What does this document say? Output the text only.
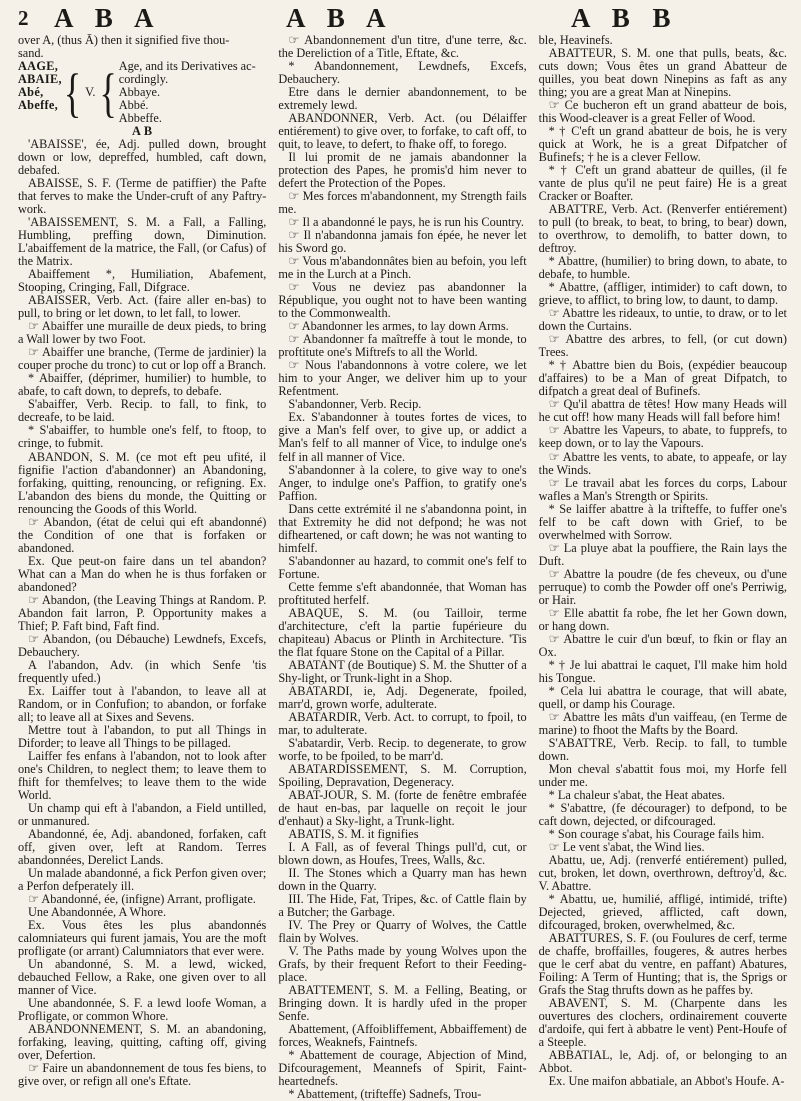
2 A B A	A B A	A B B

over A, (thus Ā) then it signified five thou-

sand.

AAGE,
ABAIE,
Abé,
Abeffe, { V. { Age, and its Derivatives ac-
cordingly.
Abbaye.
Abbé.
Abbeffe.

A B

'ABAISSE', ée, Adj. pulled down, brought down or low, depreffed, humbled, caft down, debafed.

ABAISSE, S. F. (Terme de patiffier) the Pafte that ferves to make the Under-cruft of any Paftry-work.

'ABAISSEMENT, S. M. a Fall, a Falling, Humbling, preffing down, Diminution. L'abaiffement de la matrice, the Fall, (or Cafus) of the Matrix.

Abaiffement *, Humiliation, Abafement, Stooping, Cringing, Fall, Difgrace.

ABAISSER, Verb. Act. (faire aller en-bas) to pull, to bring or let down, to let fall, to lower.

☞ Abaiffer une muraille de deux pieds, to bring a Wall lower by two Foot.

☞ Abaiffer une branche, (Terme de jardinier) la couper proche du tronc) to cut or lop off a Branch.

* Abaiffer, (déprimer, humilier) to humble, to abafe, to caft down, to deprefs, to debafe.

S'abaiffer, Verb. Recip. to fall, to fink, to decreafe, to be laid.

* S'abaiffer, to humble one's felf, to ftoop, to cringe, to fubmit.

ABANDON, S. M. (ce mot eft peu ufité, il fignifie l'action d'abandonner) an Abandoning, forfaking, quitting, renouncing, or refigning. Ex. L'abandon des biens du monde, the Quitting or renouncing the Goods of this World.

☞ Abandon, (état de celui qui eft abandonné) the Condition of one that is forfaken or abandoned.

Ex. Que peut-on faire dans un tel abandon? What can a Man do when he is thus forfaken or abandoned?

☞ Abandon, (the Leaving Things at Random. P. Abandon fait larron, P. Opportunity makes a Thief; P. Faft bind, Faft find.

☞ Abandon, (ou Débauche) Lewdnefs, Excefs, Debauchery.

A l'abandon, Adv. (in which Senfe 'tis frequently ufed.)

Ex. Laiffer tout à l'abandon, to leave all at Random, or in Confufion; to abandon, or forfake all; to leave all at Sixes and Sevens.

Mettre tout à l'abandon, to put all Things in Diforder; to leave all Things to be pillaged.

Laiffer fes enfans à l'abandon, not to look after one's Children, to neglect them; to leave them to fhift for themfelves; to leave them to the wide World.

Un champ qui eft à l'abandon, a Field untilled, or unmanured.

Abandonné, ée, Adj. abandoned, forfaken, caft off, given over, left at Random. Terres abandonnées, Derelict Lands.

Un malade abandonné, a fick Perfon given over; a Perfon defperately ill.

☞ Abandonné, ée, (infigne) Arrant, profligate.

Une Abandonnée, A Whore.

Ex. Vous êtes les plus abandonnés calomniateurs qui furent jamais, You are the moft profligate (or arrant) Calumniators that ever were.

Un abandonné, S. M. a lewd, wicked, debauched Fellow, a Rake, one given over to all manner of Vice.

Une abandonnée, S. F. a lewd loofe Woman, a Profligate, or common Whore.

ABANDONNEMENT, S. M. an abandoning, forfaking, leaving, quitting, cafting off, giving over, Defertion.

☞ Faire un abandonnement de tous fes biens, to give over, or refign all one's Eftate.

☞ Abandonnement d'un titre, d'une terre, &c. the Dereliction of a Title, Eftate, &c.

* Abandonnement, Lewdnefs, Excefs, Debauchery.

Etre dans le dernier abandonnement, to be extremely lewd.

ABANDONNER, Verb. Act. (ou Délaiffer entiérement) to give over, to forfake, to caft off, to quit, to leave, to defert, to fhake off, to forego.

Il lui promit de ne jamais abandonner la protection des Papes, he promis'd him never to defert the Protection of the Popes.

☞ Mes forces m'abandonnent, my Strength fails me.

☞ Il a abandonné le pays, he is run his Country.

☞ Il n'abandonna jamais fon épée, he never let his Sword go.

☞ Vous m'abandonnâtes bien au befoin, you left me in the Lurch at a Pinch.

☞ Vous ne deviez pas abandonner la République, you ought not to have been wanting to the Commonwealth.

☞ Abandonner les armes, to lay down Arms.

☞ Abandonner fa maîtreffe à tout le monde, to proftitute one's Miftrefs to all the World.

☞ Nous l'abandonnons à votre colere, we let him to your Anger, we deliver him up to your Refentment.

S'abandonner, Verb. Recip.

Ex. S'abandonner à toutes fortes de vices, to give a Man's felf over, to give up, or addict a Man's felf to all manner of Vice, to indulge one's felf in all manner of Vice.

S'abandonner à la colere, to give way to one's Anger, to indulge one's Paffion, to gratify one's Paffion.

Dans cette extrémité il ne s'abandonna point, in that Extremity he did not defpond; he was not difheartened, or caft down; he was not wanting to himfelf.

S'abandonner au hazard, to commit one's felf to Fortune.

Cette femme s'eft abandonnée, that Woman has proftituted herfelf.

ABAQUE, S. M. (ou Tailloir, terme d'architecture, c'eft la partie fupérieure du chapiteau) Abacus or Plinth in Architecture. 'Tis the flat fquare Stone on the Capital of a Pillar.

ABATANT (de Boutique) S. M. the Shutter of a Shy-light, or Trunk-light in a Shop.

ABATARDI, ie, Adj. Degenerate, fpoiled, marr'd, grown worfe, adulterate.

ABATARDIR, Verb. Act. to corrupt, to fpoil, to mar, to adulterate.

S'abatardir, Verb. Recip. to degenerate, to grow worfe, to be fpoiled, to be marr'd.

ABATARDISSEMENT, S. M. Corruption, Spoiling, Depravation, Degeneracy.

ABAT-JOUR, S. M. (forte de fenêtre embrafée de haut en-bas, par laquelle on reçoit le jour d'enhaut) a Sky-light, a Trunk-light.

ABATIS, S. M. it fignifies

I. A Fall, as of feveral Things pull'd, cut, or blown down, as Houfes, Trees, Walls, &c.

II. The Stones which a Quarry man has hewn down in the Quarry.

III. The Hide, Fat, Tripes, &c. of Cattle flain by a Butcher; the Garbage.

IV. The Prey or Quarry of Wolves, the Cattle flain by Wolves.

V. The Paths made by young Wolves upon the Grafs, by their frequent Refort to their Feeding-place.

ABATTEMENT, S. M. a Felling, Beating, or Bringing down. It is hardly ufed in the proper Senfe.

Abattement, (Affoibliffement, Abbaiffement) de forces, Weaknefs, Faintnefs.

* Abattement de courage, Abjection of Mind, Difcouragement, Meannefs of Spirit, Faint-heartednefs.

* Abattement, (trifteffe) Sadnefs, Trou-

ble, Heavinefs.

ABATTEUR, S. M. one that pulls, beats, &c. cuts down; Vous êtes un grand Abatteur de quilles, you beat down Ninepins as faft as any thing; you are a great Man at Ninepins.

☞ Ce bucheron eft un grand abatteur de bois, this Wood-cleaver is a great Feller of Wood.

* † C'eft un grand abatteur de bois, he is very quick at Work, he is a great Difpatcher of Bufinefs; † he is a clever Fellow.

* † C'eft un grand abatteur de quilles, (il fe vante de plus qu'il ne peut faire) He is a great Cracker or Boafter.

ABATTRE, Verb. Act. (Renverfer entiérement) to pull (to break, to beat, to bring, to bear) down, to overthrow, to demolifh, to batter down, to deftroy.

* Abattre, (humilier) to bring down, to abate, to debafe, to humble.

* Abattre, (affliger, intimider) to caft down, to grieve, to afflict, to bring low, to daunt, to damp.

☞ Abattre les rideaux, to untie, to draw, or to let down the Curtains.

☞ Abattre des arbres, to fell, (or cut down) Trees.

* † Abattre bien du Bois, (expédier beaucoup d'affaires) to be a Man of great Difpatch, to difpatch a great deal of Bufinefs.

☞ Qu'il abattra de têtes! How many Heads will he cut off! how many Heads will fall before him!

☞ Abattre les Vapeurs, to abate, to fupprefs, to keep down, or to lay the Vapours.

☞ Abattre les vents, to abate, to appeafe, or lay the Winds.

☞ Le travail abat les forces du corps, Labour wafles a Man's Strength or Spirits.

* Se laiffer abattre à la trifteffe, to fuffer one's felf to be caft down with Grief, to be overwhelmed with Sorrow.

☞ La pluye abat la pouffiere, the Rain lays the Duft.

☞ Abattre la poudre (de fes cheveux, ou d'une perruque) to comb the Powder off one's Perriwig, or Hair.

☞ Elle abattit fa robe, fhe let her Gown down, or hang down.

☞ Abattre le cuir d'un bœuf, to fkin or flay an Ox.

* † Je lui abattrai le caquet, I'll make him hold his Tongue.

* Cela lui abattra le courage, that will abate, quell, or damp his Courage.

☞ Abattre les mâts d'un vaiffeau, (en Terme de marine) to fhoot the Mafts by the Board.

S'ABATTRE, Verb. Recip. to fall, to tumble down.

Mon cheval s'abattit fous moi, my Horfe fell under me.

* La chaleur s'abat, the Heat abates.

* S'abattre, (fe décourager) to defpond, to be caft down, dejected, or difcouraged.

* Son courage s'abat, his Courage fails him.

☞ Le vent s'abat, the Wind lies.

Abattu, ue, Adj. (renverfé entiérement) pulled, cut, broken, let down, overthrown, deftroy'd, &c. V. Abattre.

* Abattu, ue, humilié, affligé, intimidé, trifte) Dejected, grieved, afflicted, caft down, difcouraged, broken, overwhelmed, &c.

ABATTURES, S. F. (ou Foulures de cerf, terme de chaffe, broffailles, fougeres, & autres herbes que le cerf abat du ventre, en paffant) Abatures, Foiling: A Term of Hunting; that is, the Sprigs or Grafs the Stag thrufts down as he paffes by.

ABAVENT, S. M. (Charpente dans les ouvertures des clochers, ordinairement couverte d'ardoife, qui fert à abbatre le vent) Pent-Houfe of a Steeple.

ABBATIAL, le, Adj. of, or belonging to an Abbot.

Ex. Une maifon abbatiale, an Abbot's Houfe. A-
